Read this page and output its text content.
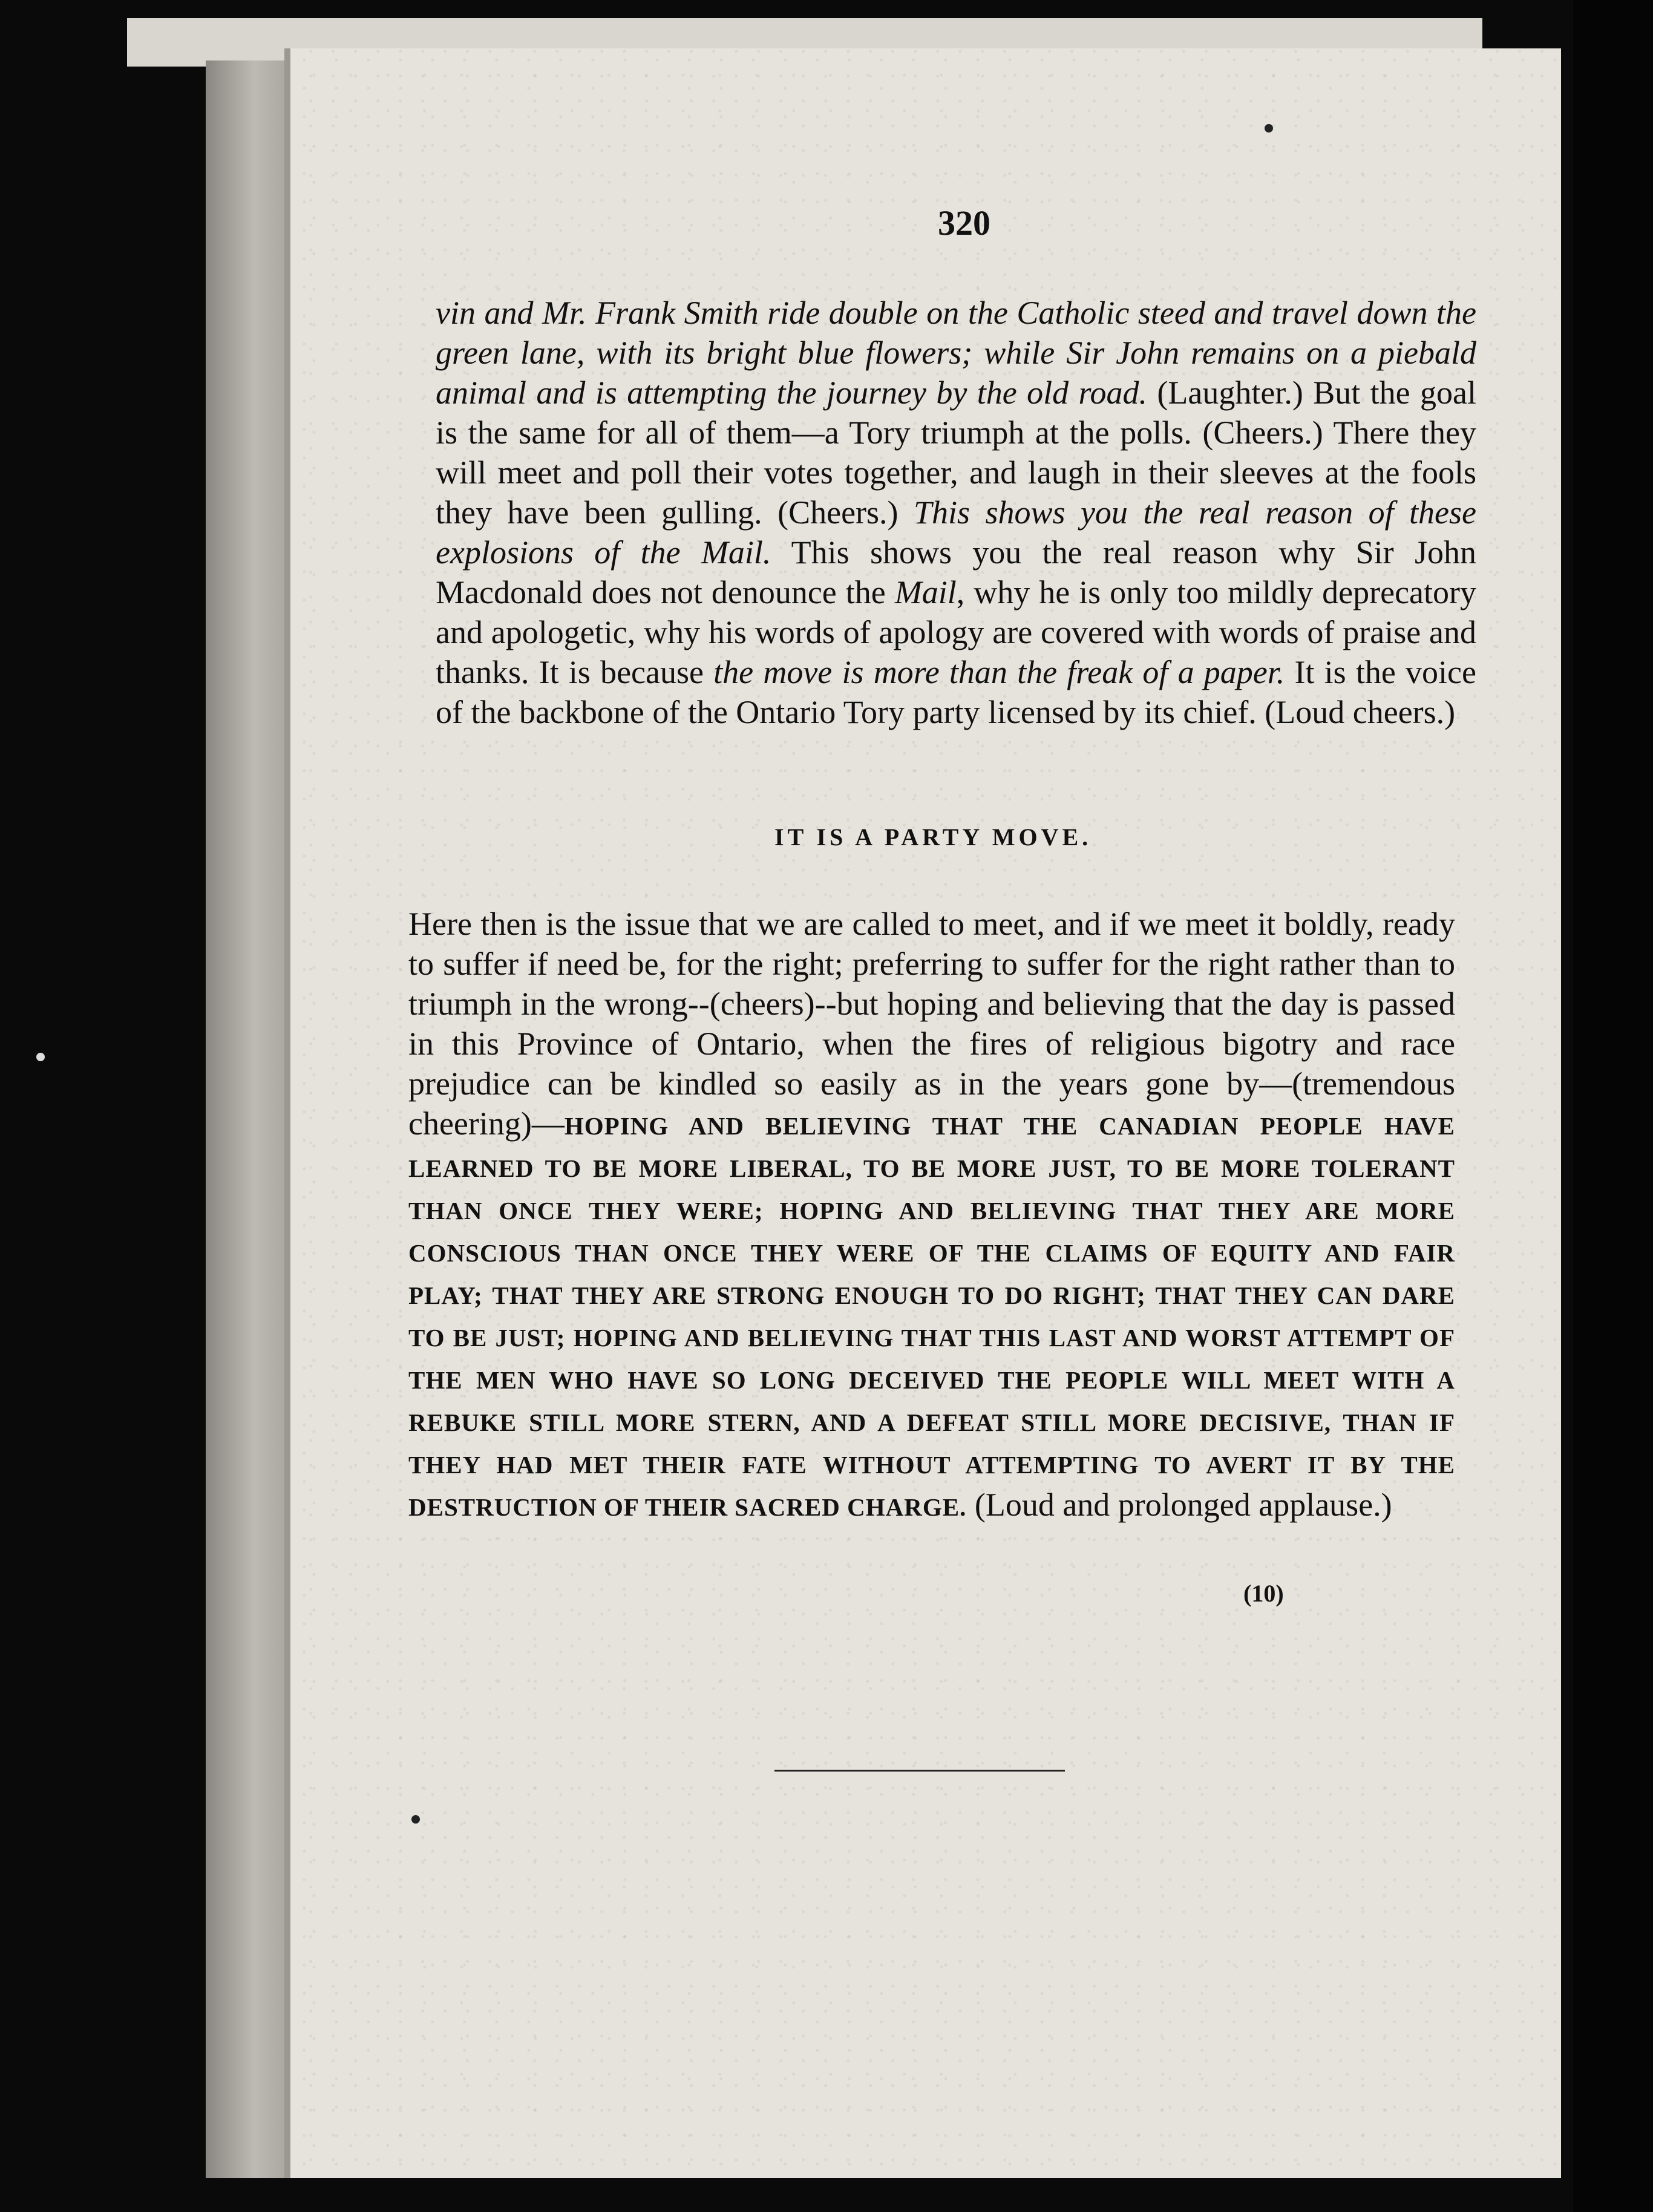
320

vin and Mr. Frank Smith ride double on the Catholic steed and travel down the green lane, with its bright blue flowers; while Sir John remains on a piebald animal and is attempting the journey by the old road. (Laughter.) But the goal is the same for all of them—a Tory triumph at the polls. (Cheers.) There they will meet and poll their votes together, and laugh in their sleeves at the fools they have been gulling. (Cheers.) This shows you the real reason of these explosions of the Mail. This shows you the real reason why Sir John Macdonald does not denounce the Mail, why he is only too mildly deprecatory and apologetic, why his words of apology are covered with words of praise and thanks. It is because the move is more than the freak of a paper. It is the voice of the backbone of the Ontario Tory party licensed by its chief. (Loud cheers.)

IT IS A PARTY MOVE.

Here then is the issue that we are called to meet, and if we meet it boldly, ready to suffer if need be, for the right; preferring to suffer for the right rather than to triumph in the wrong--(cheers)--but hoping and believing that the day is passed in this Province of Ontario, when the fires of religious bigotry and race prejudice can be kindled so easily as in the years gone by—(tremendous cheering)—HOPING AND BELIEVING THAT THE CANADIAN PEOPLE HAVE LEARNED TO BE MORE LIBERAL, TO BE MORE JUST, TO BE MORE TOLERANT THAN ONCE THEY WERE; HOPING AND BELIEVING THAT THEY ARE MORE CONSCIOUS THAN ONCE THEY WERE OF THE CLAIMS OF EQUITY AND FAIR PLAY; THAT THEY ARE STRONG ENOUGH TO DO RIGHT; THAT THEY CAN DARE TO BE JUST; HOPING AND BELIEVING THAT THIS LAST AND WORST ATTEMPT OF THE MEN WHO HAVE SO LONG DECEIVED THE PEOPLE WILL MEET WITH A REBUKE STILL MORE STERN, AND A DEFEAT STILL MORE DECISIVE, THAN IF THEY HAD MET THEIR FATE WITHOUT ATTEMPTING TO AVERT IT BY THE DESTRUCTION OF THEIR SACRED CHARGE. (Loud and prolonged applause.)

(10)
